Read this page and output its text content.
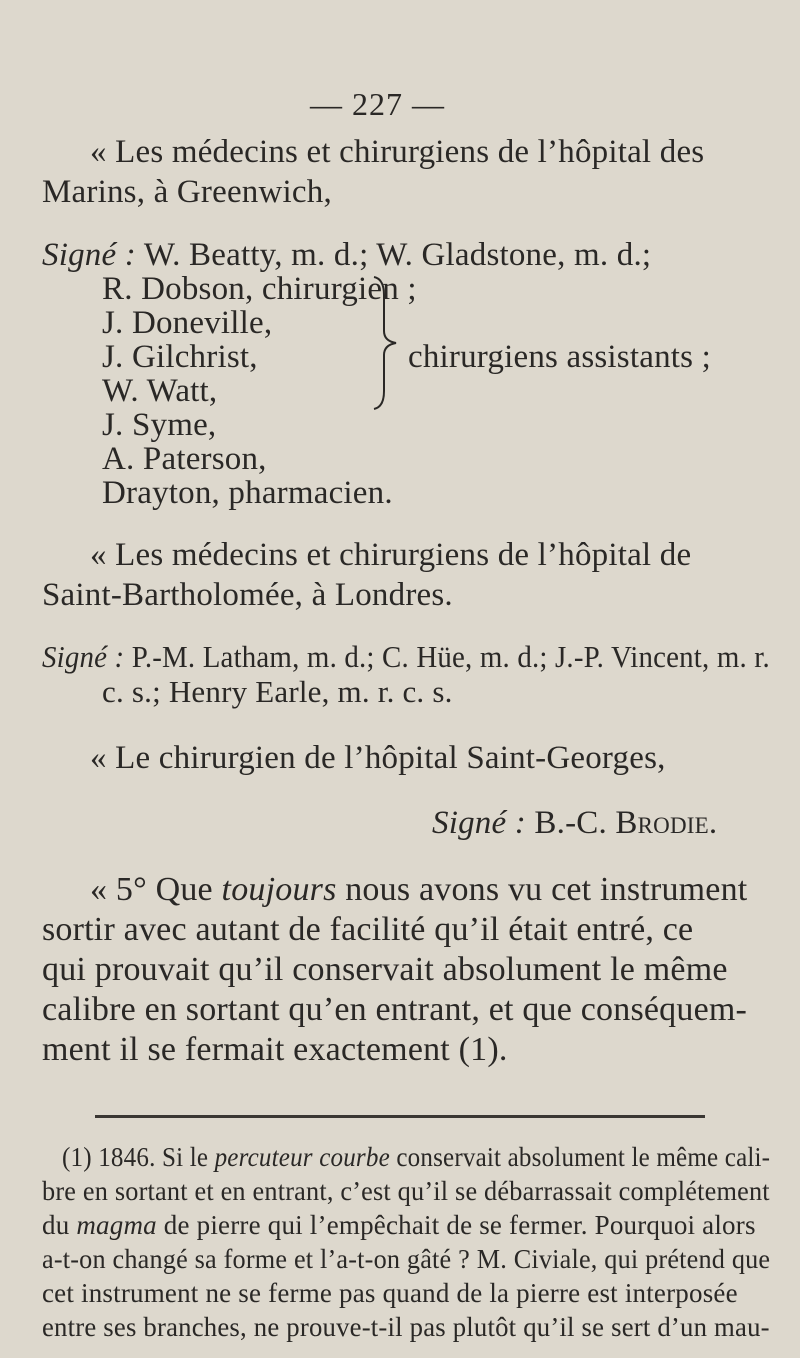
— 227 —
« Les médecins et chirurgiens de l’hôpital des
Marins, à Greenwich,
Signé : W. Beatty, m. d.; W. Gladstone, m. d.;
R. Dobson, chirurgien ;
J. Doneville,
J. Gilchrist,
W. Watt,
J. Syme,
A. Paterson,
chirurgiens assistants ;
Drayton, pharmacien.
« Les médecins et chirurgiens de l’hôpital de
Saint-Bartholomée, à Londres.
Signé : P.-M. Latham, m. d.; C. Hüe, m. d.; J.-P. Vincent, m. r.
c. s.; Henry Earle, m. r. c. s.
« Le chirurgien de l’hôpital Saint-Georges,
Signé : B.-C. Brodie.
« 5° Que toujours nous avons vu cet instrument
sortir avec autant de facilité qu’il était entré, ce
qui prouvait qu’il conservait absolument le même
calibre en sortant qu’en entrant, et que conséquem-
ment il se fermait exactement (1).
(1) 1846. Si le percuteur courbe conservait absolument le même cali-
bre en sortant et en entrant, c’est qu’il se débarrassait complétement
du magma de pierre qui l’empêchait de se fermer. Pourquoi alors
a-t-on changé sa forme et l’a-t-on gâté ? M. Civiale, qui prétend que
cet instrument ne se ferme pas quand de la pierre est interposée
entre ses branches, ne prouve-t-il pas plutôt qu’il se sert d’un mau-
